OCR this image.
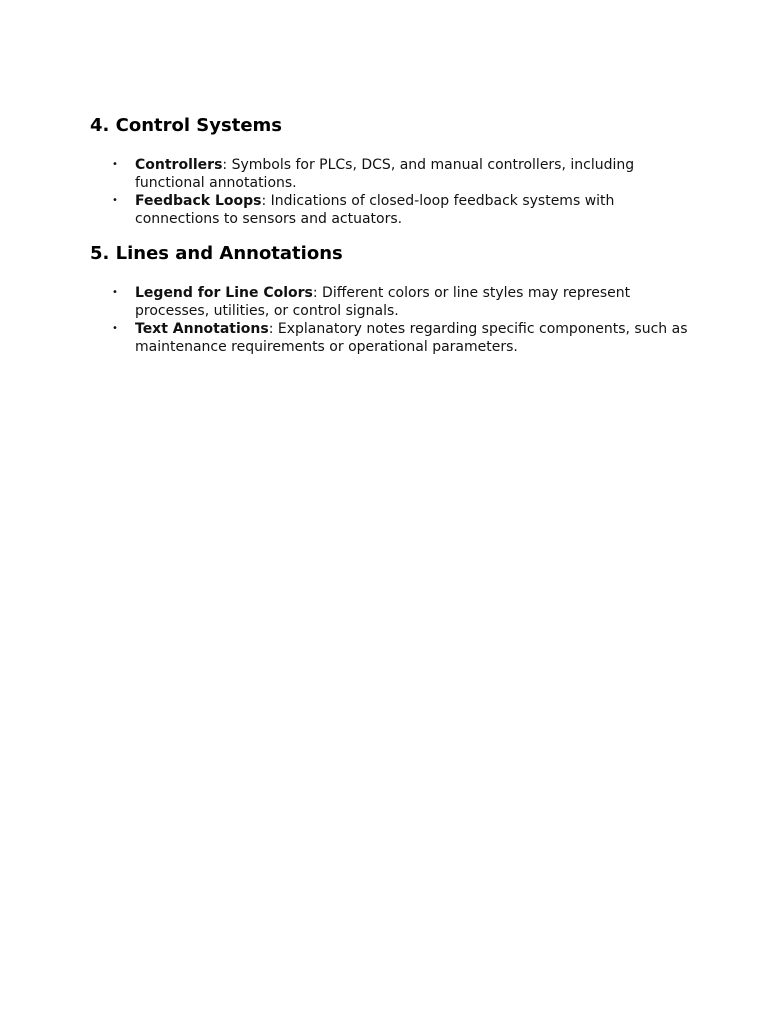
4. Control Systems
• Controllers: Symbols for PLCs, DCS, and manual controllers, including functional annotations.
• Feedback Loops: Indications of closed-loop feedback systems with connections to sensors and actuators.
5. Lines and Annotations
• Legend for Line Colors: Different colors or line styles may represent processes, utilities, or control signals.
• Text Annotations: Explanatory notes regarding specific components, such as maintenance requirements or operational parameters.
